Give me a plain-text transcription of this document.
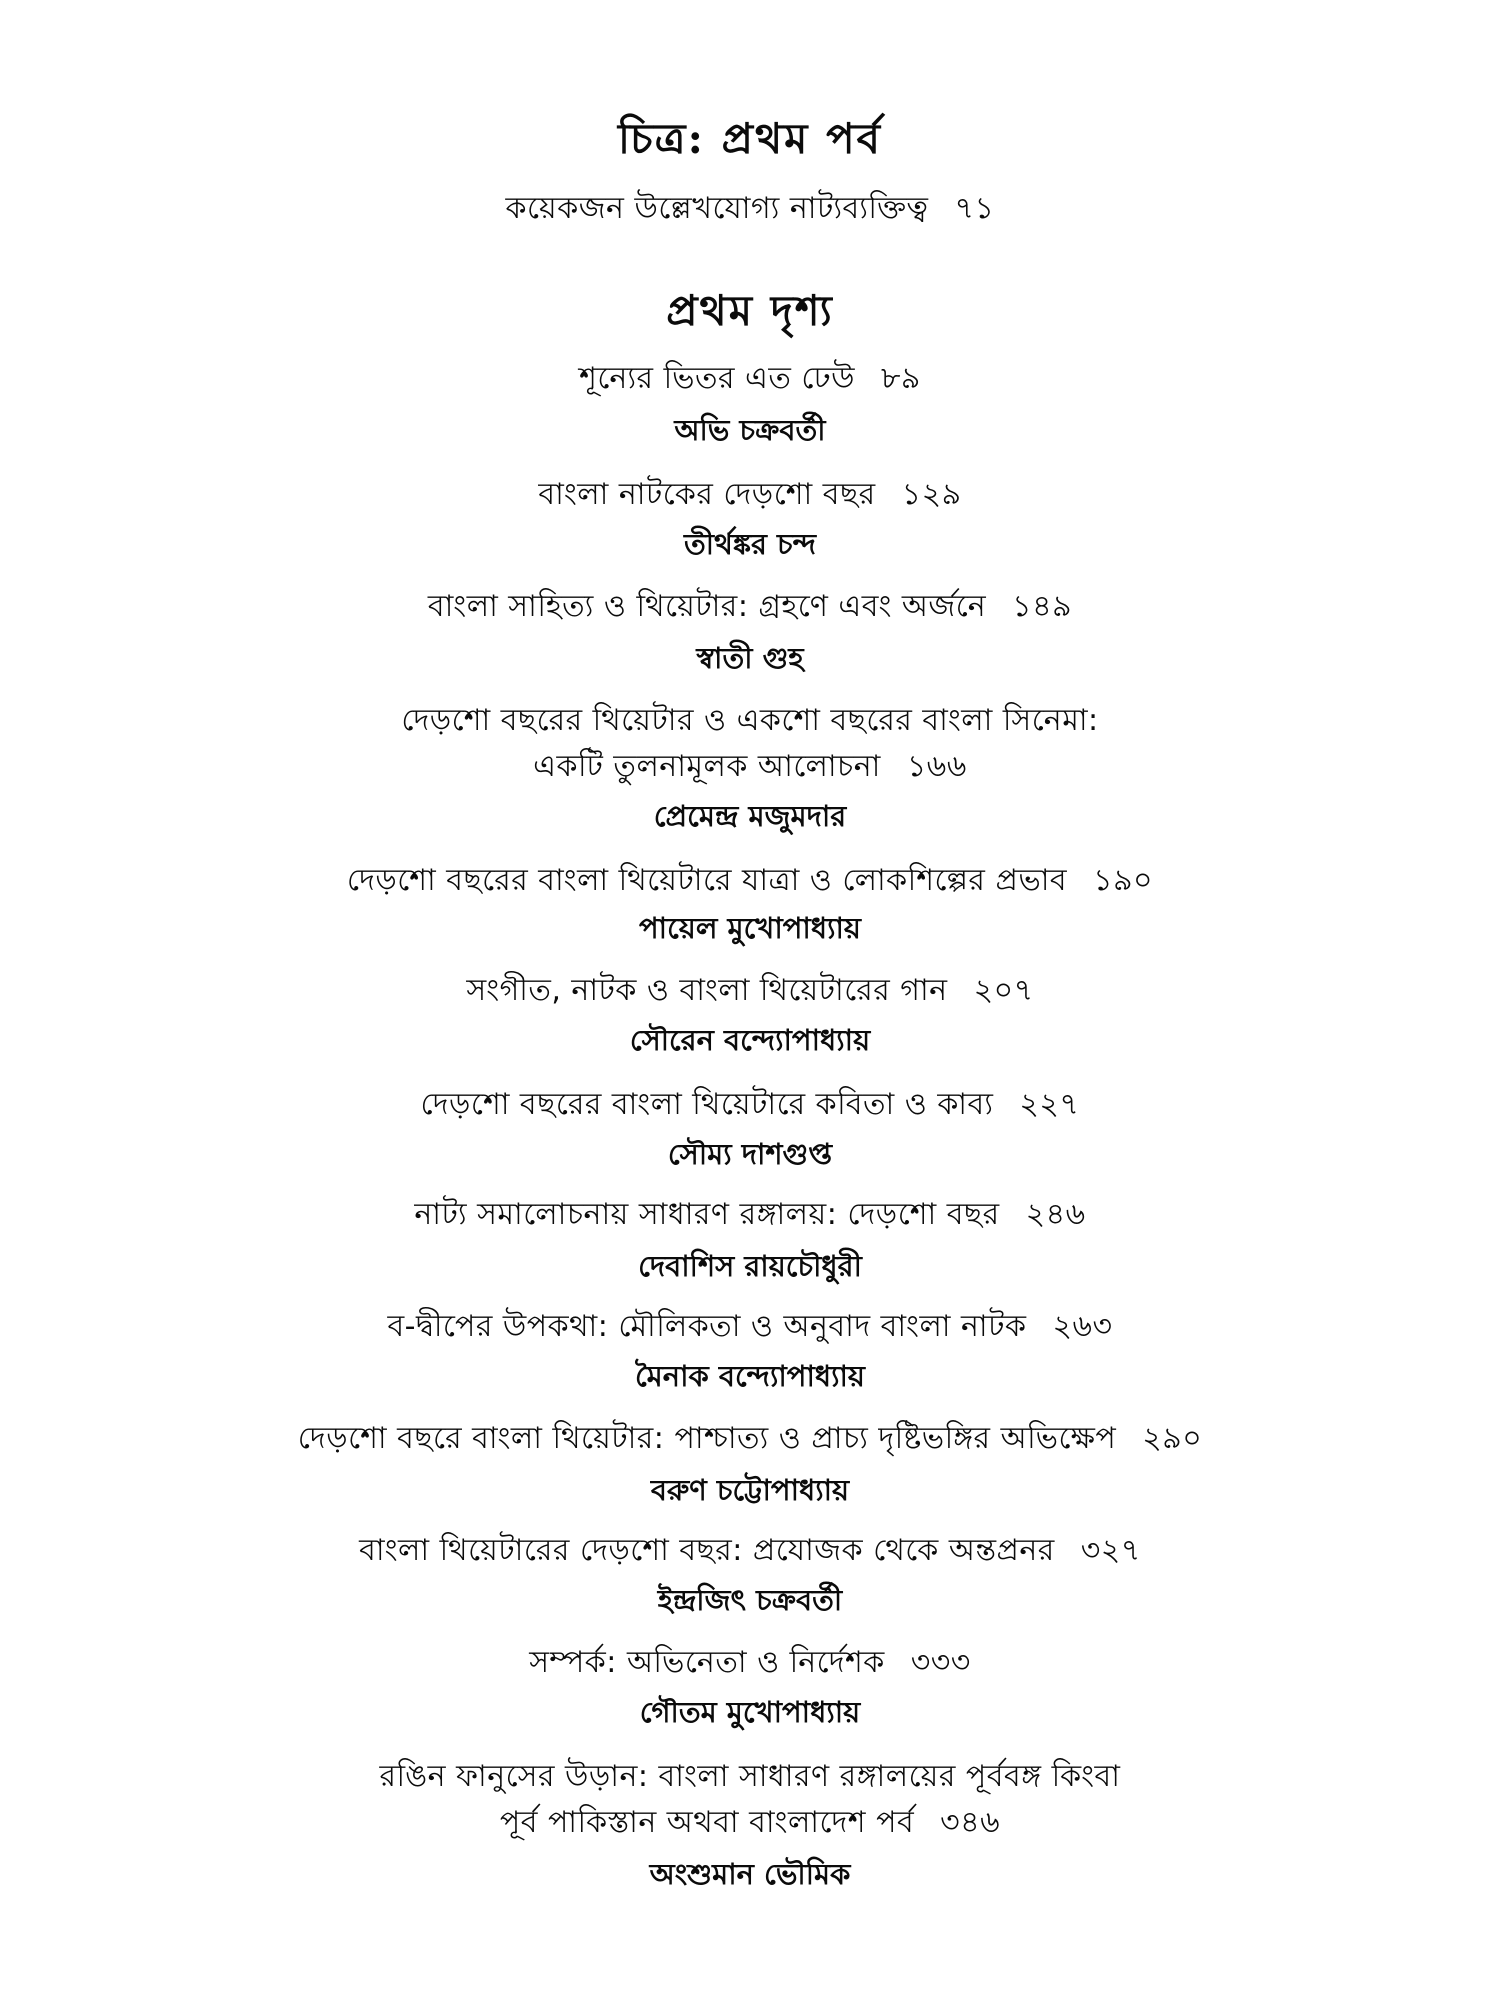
চিত্র: প্রথম পর্ব
কয়েকজন উল্লেখযোগ্য নাট্যব্যক্তিত্ব ৭১
প্রথম দৃশ্য
শূন্যের ভিতর এত ঢেউ ৮৯
অভি চক্রবর্তী
বাংলা নাটকের দেড়শো বছর ১২৯
তীর্থঙ্কর চন্দ
বাংলা সাহিত্য ও থিয়েটার: গ্রহণে এবং অর্জনে ১৪৯
স্বাতী গুহ
দেড়শো বছরের থিয়েটার ও একশো বছরের বাংলা সিনেমা:
একটি তুলনামূলক আলোচনা ১৬৬
প্রেমেন্দ্র মজুমদার
দেড়শো বছরের বাংলা থিয়েটারে যাত্রা ও লোকশিল্পের প্রভাব ১৯০
পায়েল মুখোপাধ্যায়
সংগীত, নাটক ও বাংলা থিয়েটারের গান ২০৭
সৌরেন বন্দ্যোপাধ্যায়
দেড়শো বছরের বাংলা থিয়েটারে কবিতা ও কাব্য ২২৭
সৌম্য দাশগুপ্ত
নাট্য সমালোচনায় সাধারণ রঙ্গালয়: দেড়শো বছর ২৪৬
দেবাশিস রায়চৌধুরী
ব-দ্বীপের উপকথা: মৌলিকতা ও অনুবাদ বাংলা নাটক ২৬৩
মৈনাক বন্দ্যোপাধ্যায়
দেড়শো বছরে বাংলা থিয়েটার: পাশ্চাত্য ও প্রাচ্য দৃষ্টিভঙ্গির অভিক্ষেপ ২৯০
বরুণ চট্টোপাধ্যায়
বাংলা থিয়েটারের দেড়শো বছর: প্রযোজক থেকে অন্তপ্রনর ৩২৭
ইন্দ্রজিৎ চক্রবর্তী
সম্পর্ক: অভিনেতা ও নির্দেশক ৩৩৩
গৌতম মুখোপাধ্যায়
রঙিন ফানুসের উড়ান: বাংলা সাধারণ রঙ্গালয়ের পূর্ববঙ্গ কিংবা
পূর্ব পাকিস্তান অথবা বাংলাদেশ পর্ব ৩৪৬
অংশুমান ভৌমিক
